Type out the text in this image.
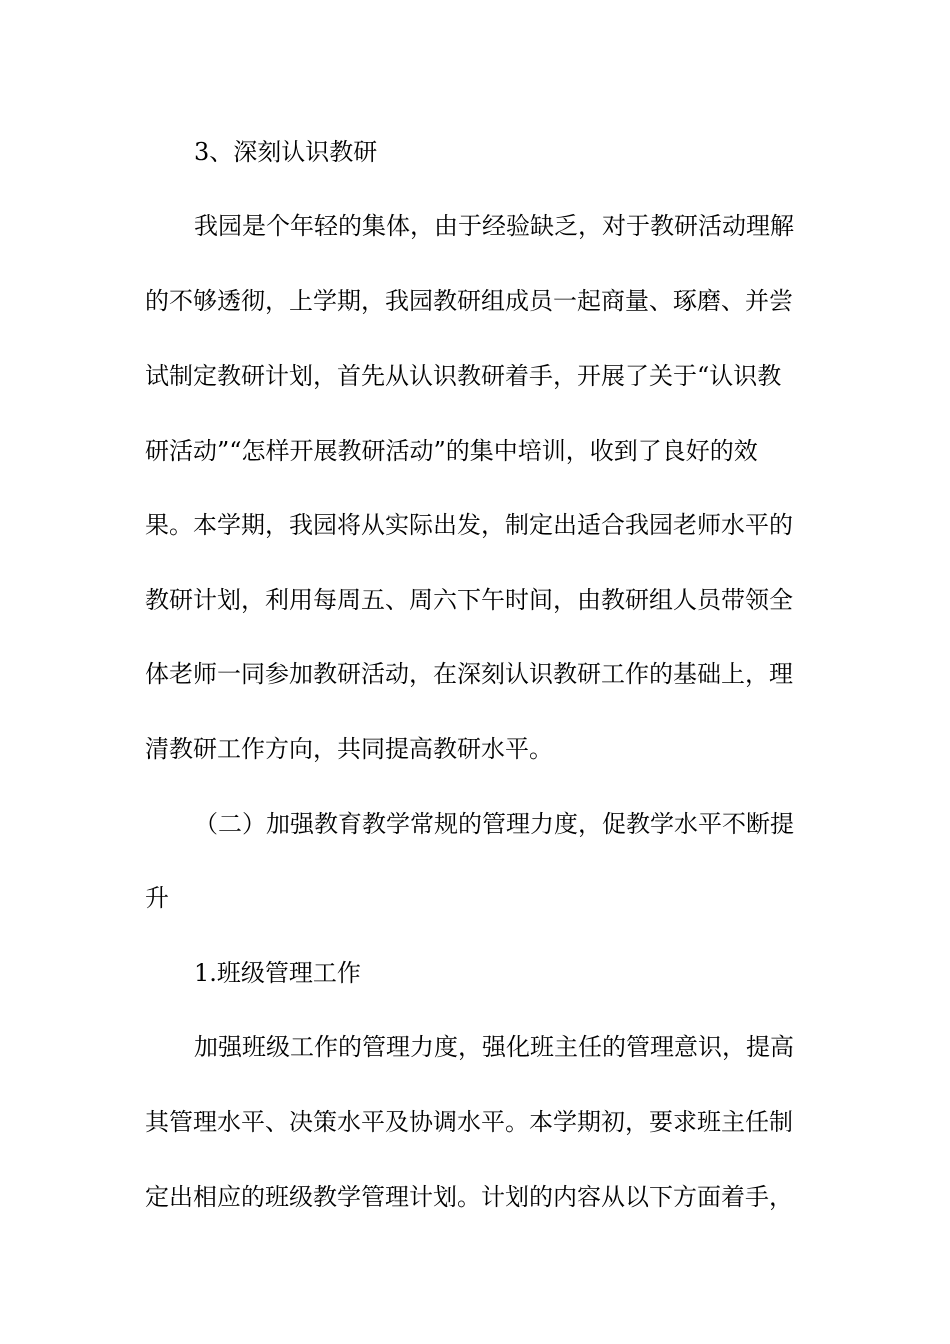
3、深刻认识教研
我园是个年轻的集体，由于经验缺乏，对于教研活动理解
的不够透彻，上学期，我园教研组成员一起商量、琢磨、并尝
试制定教研计划，首先从认识教研着手，开展了关于“认识教
研活动”“怎样开展教研活动”的集中培训，收到了良好的效
果。本学期，我园将从实际出发，制定出适合我园老师水平的
教研计划，利用每周五、周六下午时间，由教研组人员带领全
体老师一同参加教研活动，在深刻认识教研工作的基础上，理
清教研工作方向，共同提高教研水平。
（二）加强教育教学常规的管理力度，促教学水平不断提
升
1.班级管理工作
加强班级工作的管理力度，强化班主任的管理意识，提高
其管理水平、决策水平及协调水平。本学期初，要求班主任制
定出相应的班级教学管理计划。计划的内容从以下方面着手，
